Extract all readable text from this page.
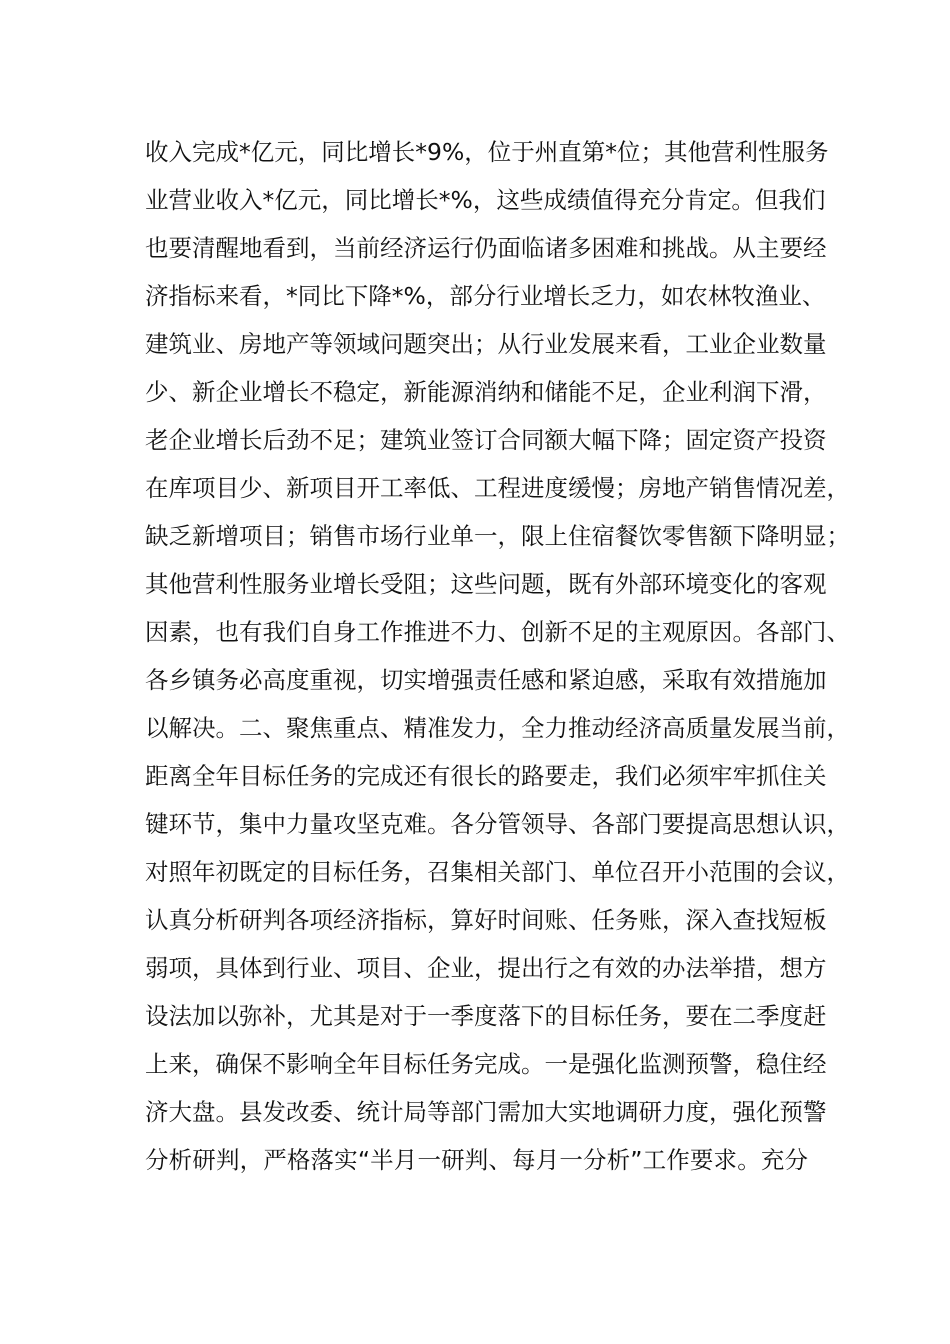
收入完成*亿元，同比增长*9%，位于州直第*位；其他营利性服务
业营业收入*亿元，同比增长*%，这些成绩值得充分肯定。但我们
也要清醒地看到，当前经济运行仍面临诸多困难和挑战。从主要经
济指标来看，*同比下降*%，部分行业增长乏力，如农林牧渔业、
建筑业、房地产等领域问题突出；从行业发展来看，工业企业数量
少、新企业增长不稳定，新能源消纳和储能不足，企业利润下滑，
老企业增长后劲不足；建筑业签订合同额大幅下降；固定资产投资
在库项目少、新项目开工率低、工程进度缓慢；房地产销售情况差，
缺乏新增项目；销售市场行业单一，限上住宿餐饮零售额下降明显；
其他营利性服务业增长受阻；这些问题，既有外部环境变化的客观
因素，也有我们自身工作推进不力、创新不足的主观原因。各部门、
各乡镇务必高度重视，切实增强责任感和紧迫感，采取有效措施加
以解决。二、聚焦重点、精准发力，全力推动经济高质量发展当前，
距离全年目标任务的完成还有很长的路要走，我们必须牢牢抓住关
键环节，集中力量攻坚克难。各分管领导、各部门要提高思想认识，
对照年初既定的目标任务，召集相关部门、单位召开小范围的会议，
认真分析研判各项经济指标，算好时间账、任务账，深入查找短板
弱项，具体到行业、项目、企业，提出行之有效的办法举措，想方
设法加以弥补，尤其是对于一季度落下的目标任务，要在二季度赶
上来，确保不影响全年目标任务完成。一是强化监测预警，稳住经
济大盘。县发改委、统计局等部门需加大实地调研力度，强化预警
分析研判，严格落实“半月一研判、每月一分析”工作要求。充分
